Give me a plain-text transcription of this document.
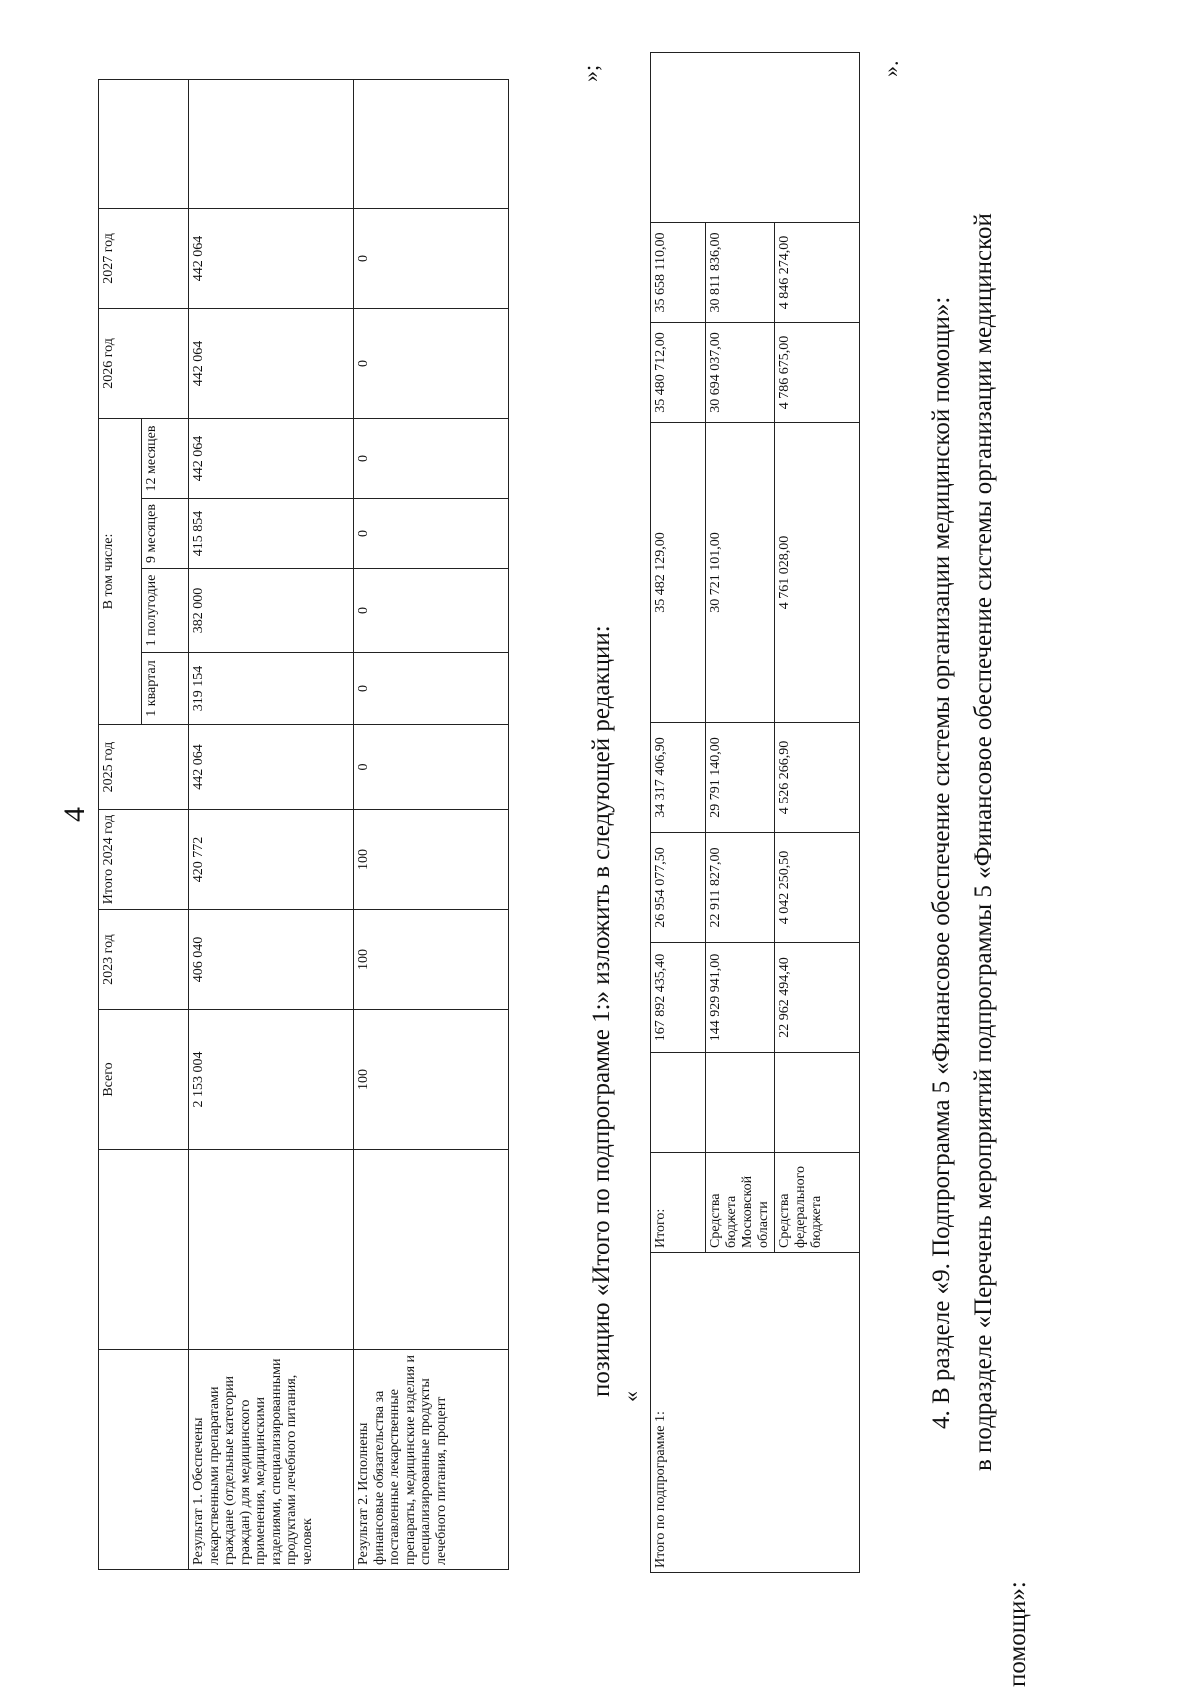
4
		Всего	2023 год	Итого 2024 год	2025 год	В том числе:				2026 год	2027 год	
						1 квартал	1 полугодие	9 месяцев	12 месяцев			
Результат 1. Обеспечены лекарственными препаратами граждане (отдельные категории граждан) для медицинского применения, медицинскими изделиями, специализированными продуктами лечебного питания, человек		2 153 004	406 040	420 772	442 064	319 154	382 000	415 854	442 064	442 064	442 064	
Результат 2. Исполнены финансовые обязательства за поставленные лекарственные препараты, медицинские изделия и специализированные продукты лечебного питания, процент		100	100	100	0	0	0	0	0	0	0	
позицию «Итого по подпрограмме 1:» изложить в следующей редакции: «
»;
Итого по подпрограмме 1:	Итого:		167 892 435,40	26 954 077,50	34 317 406,90	35 482 129,00	35 480 712,00	35 658 110,00	
	Средства бюджета Московской области		144 929 941,00	22 911 827,00	29 791 140,00	30 721 101,00	30 694 037,00	30 811 836,00	
	Средства федерального бюджета		22 962 494,40	4 042 250,50	4 526 266,90	4 761 028,00	4 786 675,00	4 846 274,00	
».
4. В разделе «9. Подпрограмма 5 «Финансовое обеспечение системы организации медицинской помощи»: в подразделе «Перечень мероприятий подпрограммы 5 «Финансовое обеспечение системы организации медицинской
помощи»:
